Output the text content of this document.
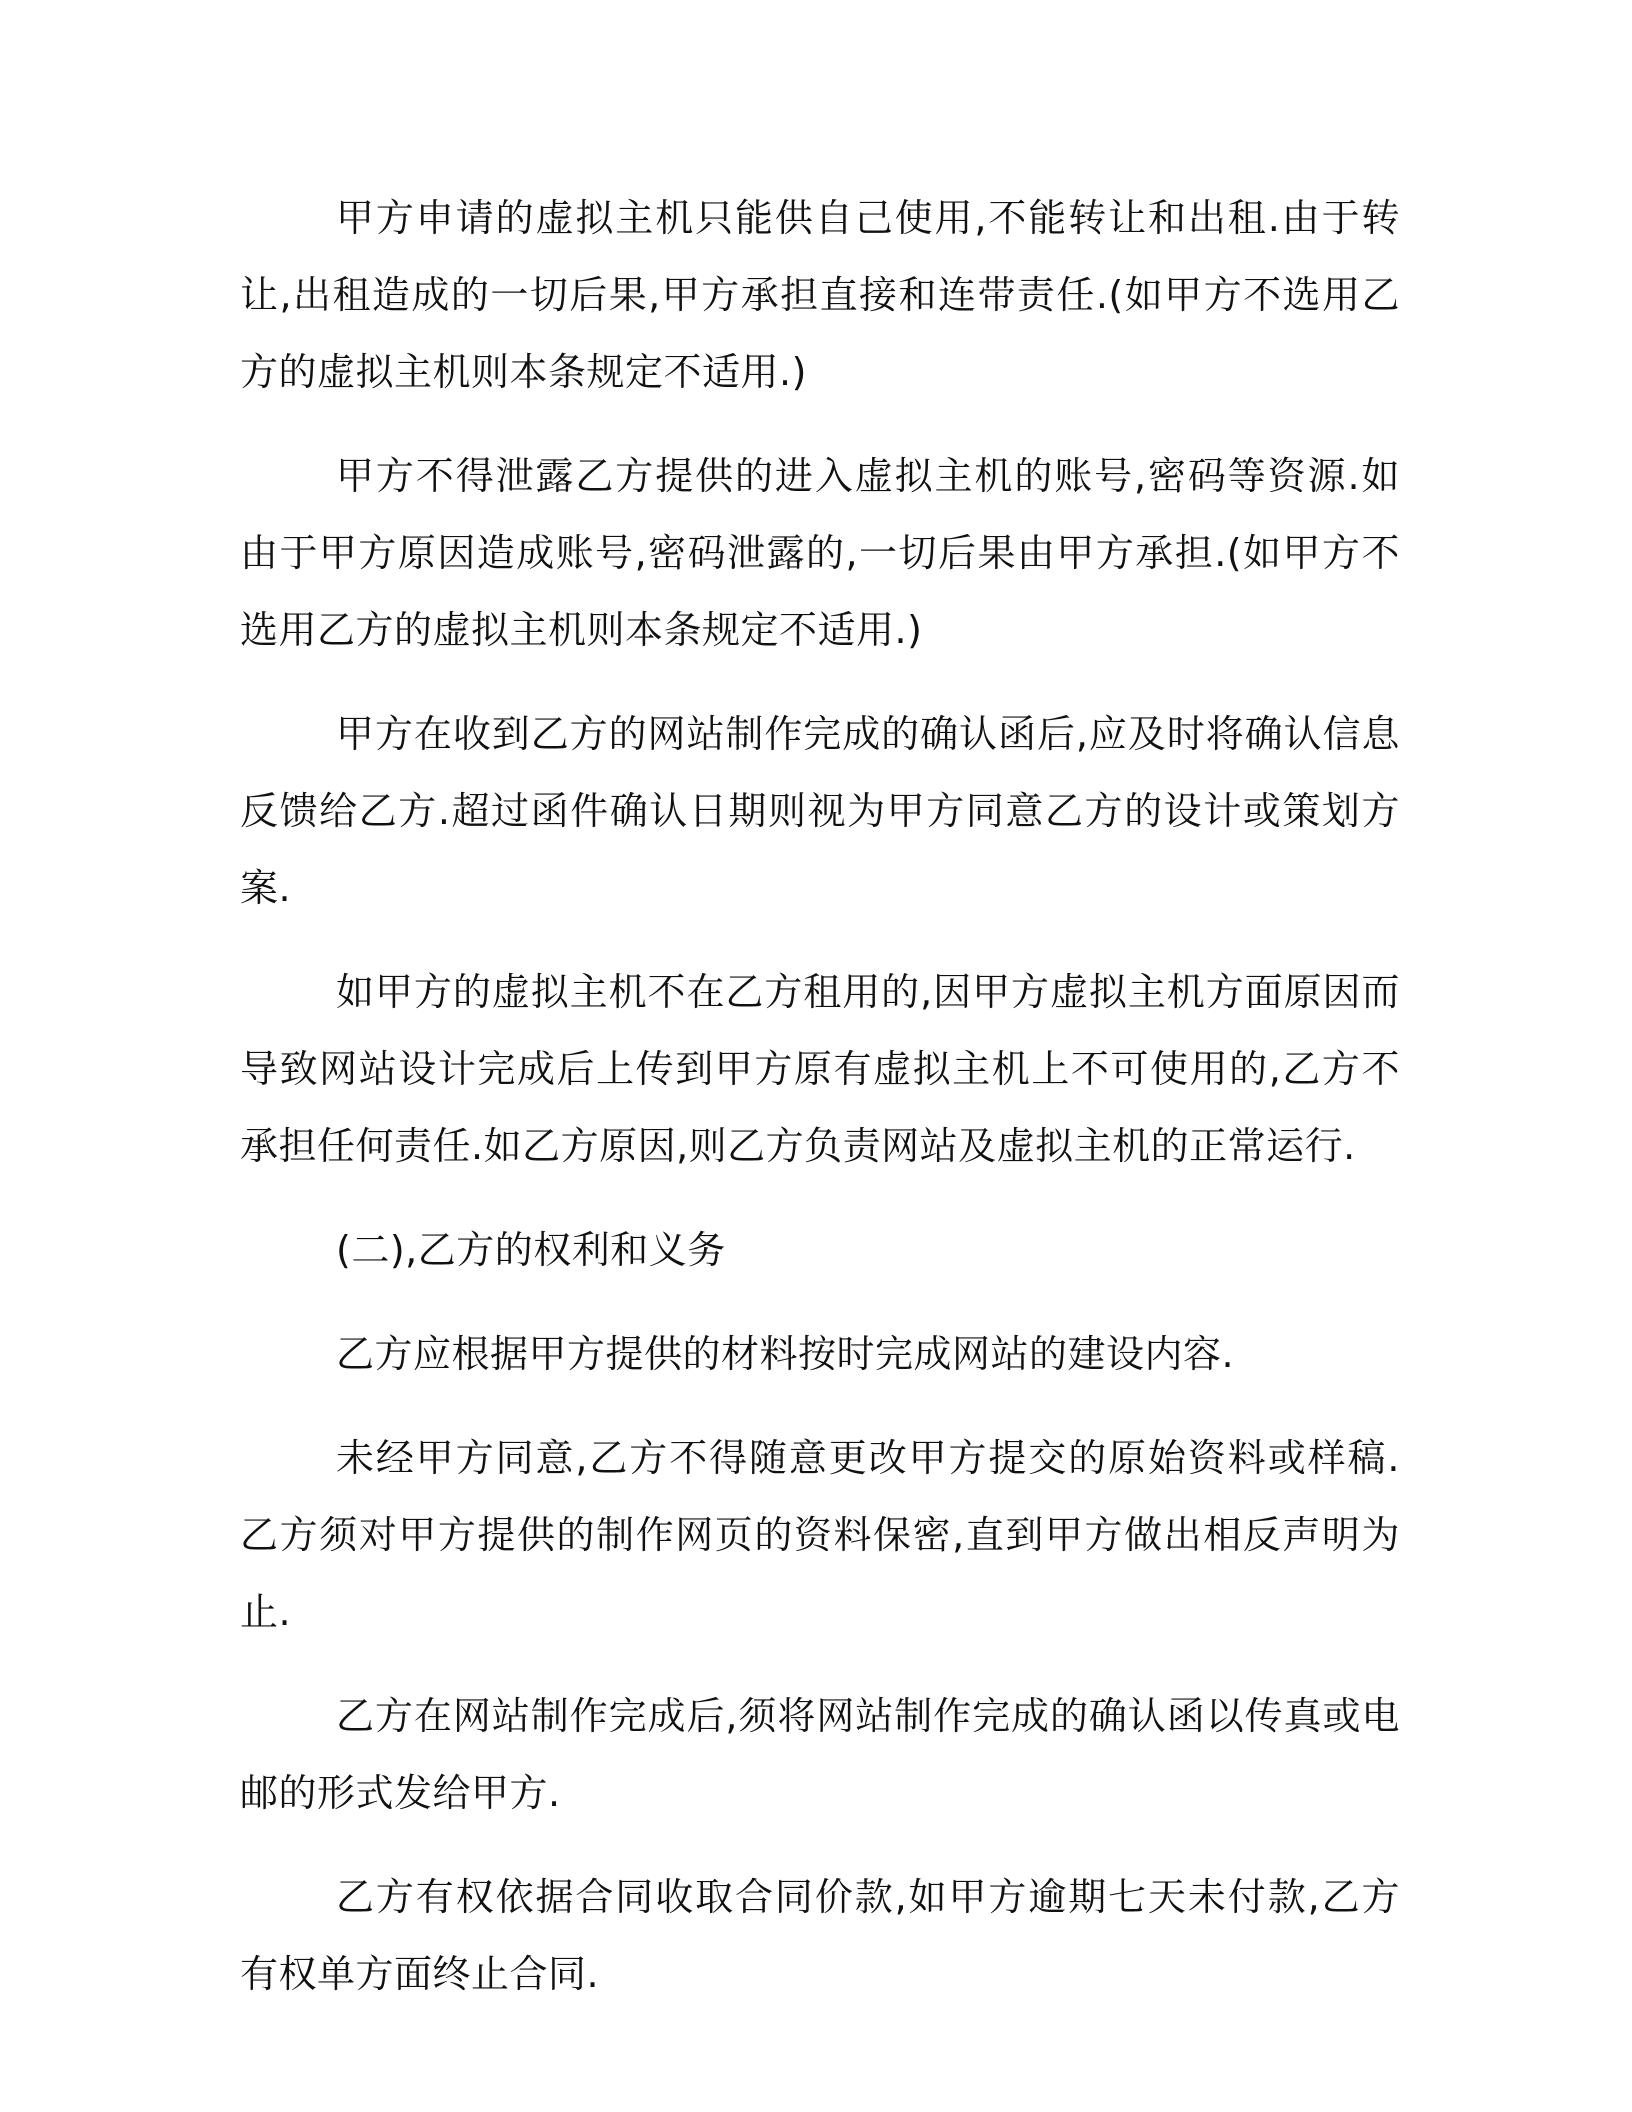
甲方申请的虚拟主机只能供自己使用,不能转让和出租.由于转让,出租造成的一切后果,甲方承担直接和连带责任.(如甲方不选用乙方的虚拟主机则本条规定不适用.)

甲方不得泄露乙方提供的进入虚拟主机的账号,密码等资源.如由于甲方原因造成账号,密码泄露的,一切后果由甲方承担.(如甲方不选用乙方的虚拟主机则本条规定不适用.)

甲方在收到乙方的网站制作完成的确认函后,应及时将确认信息反馈给乙方.超过函件确认日期则视为甲方同意乙方的设计或策划方案.

如甲方的虚拟主机不在乙方租用的,因甲方虚拟主机方面原因而导致网站设计完成后上传到甲方原有虚拟主机上不可使用的,乙方不承担任何责任.如乙方原因,则乙方负责网站及虚拟主机的正常运行.

(二),乙方的权利和义务

乙方应根据甲方提供的材料按时完成网站的建设内容.

未经甲方同意,乙方不得随意更改甲方提交的原始资料或样稿.乙方须对甲方提供的制作网页的资料保密,直到甲方做出相反声明为止.

乙方在网站制作完成后,须将网站制作完成的确认函以传真或电邮的形式发给甲方.

乙方有权依据合同收取合同价款,如甲方逾期七天未付款,乙方有权单方面终止合同.
